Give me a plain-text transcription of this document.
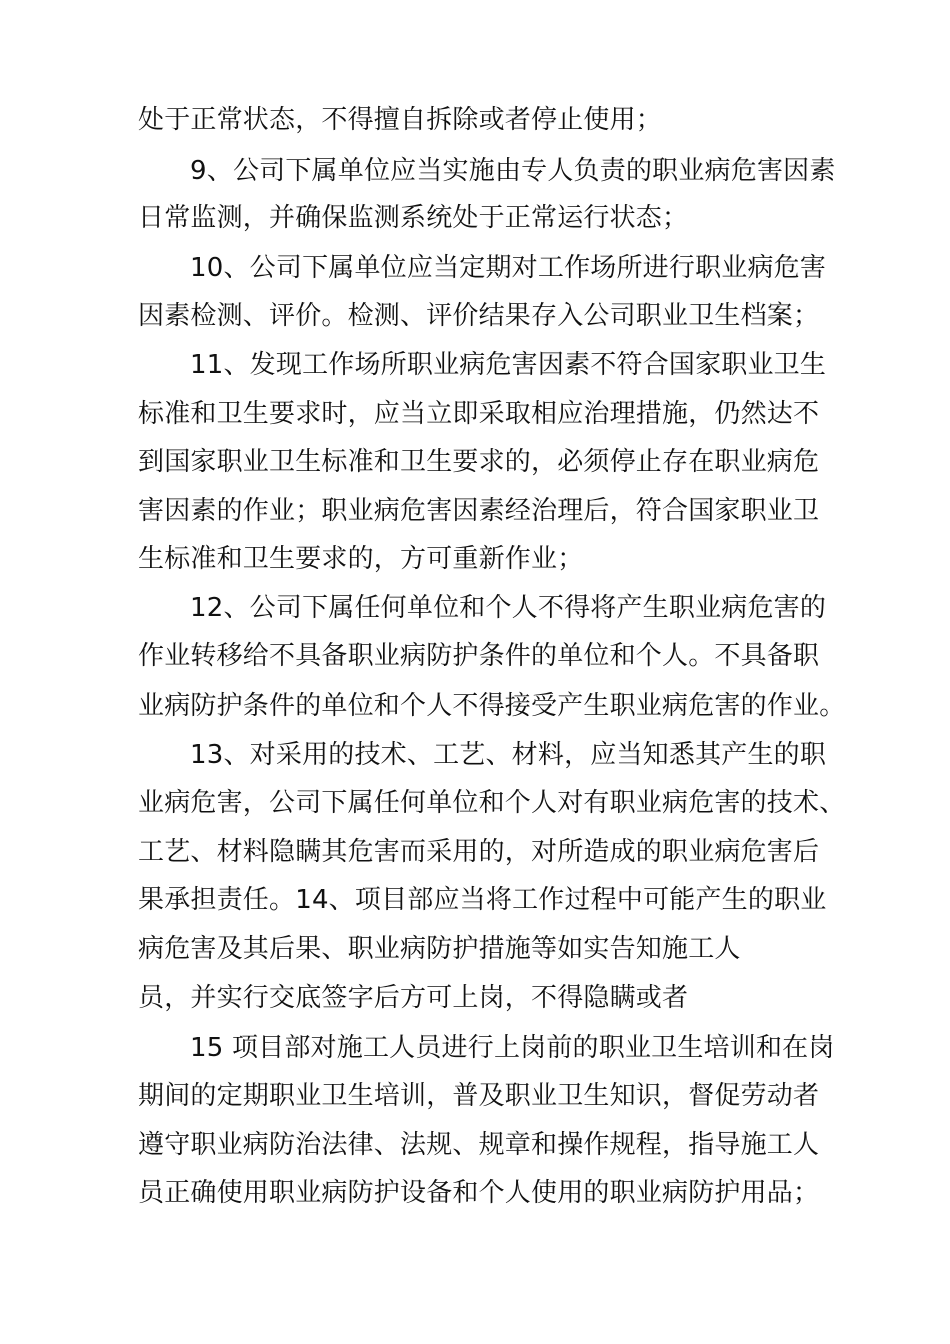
处于正常状态，不得擅自拆除或者停止使用；
9、公司下属单位应当实施由专人负责的职业病危害因素
日常监测，并确保监测系统处于正常运行状态；
10、公司下属单位应当定期对工作场所进行职业病危害
因素检测、评价。检测、评价结果存入公司职业卫生档案；
11、发现工作场所职业病危害因素不符合国家职业卫生
标准和卫生要求时，应当立即采取相应治理措施，仍然达不
到国家职业卫生标准和卫生要求的，必须停止存在职业病危
害因素的作业；职业病危害因素经治理后，符合国家职业卫
生标准和卫生要求的，方可重新作业；
12、公司下属任何单位和个人不得将产生职业病危害的
作业转移给不具备职业病防护条件的单位和个人。不具备职
业病防护条件的单位和个人不得接受产生职业病危害的作业。
13、对采用的技术、工艺、材料，应当知悉其产生的职
业病危害，公司下属任何单位和个人对有职业病危害的技术、
工艺、材料隐瞒其危害而采用的，对所造成的职业病危害后
果承担责任。14、项目部应当将工作过程中可能产生的职业
病危害及其后果、职业病防护措施等如实告知施工人
员，并实行交底签字后方可上岗，不得隐瞒或者
15 项目部对施工人员进行上岗前的职业卫生培训和在岗
期间的定期职业卫生培训，普及职业卫生知识，督促劳动者
遵守职业病防治法律、法规、规章和操作规程，指导施工人
员正确使用职业病防护设备和个人使用的职业病防护用品；
